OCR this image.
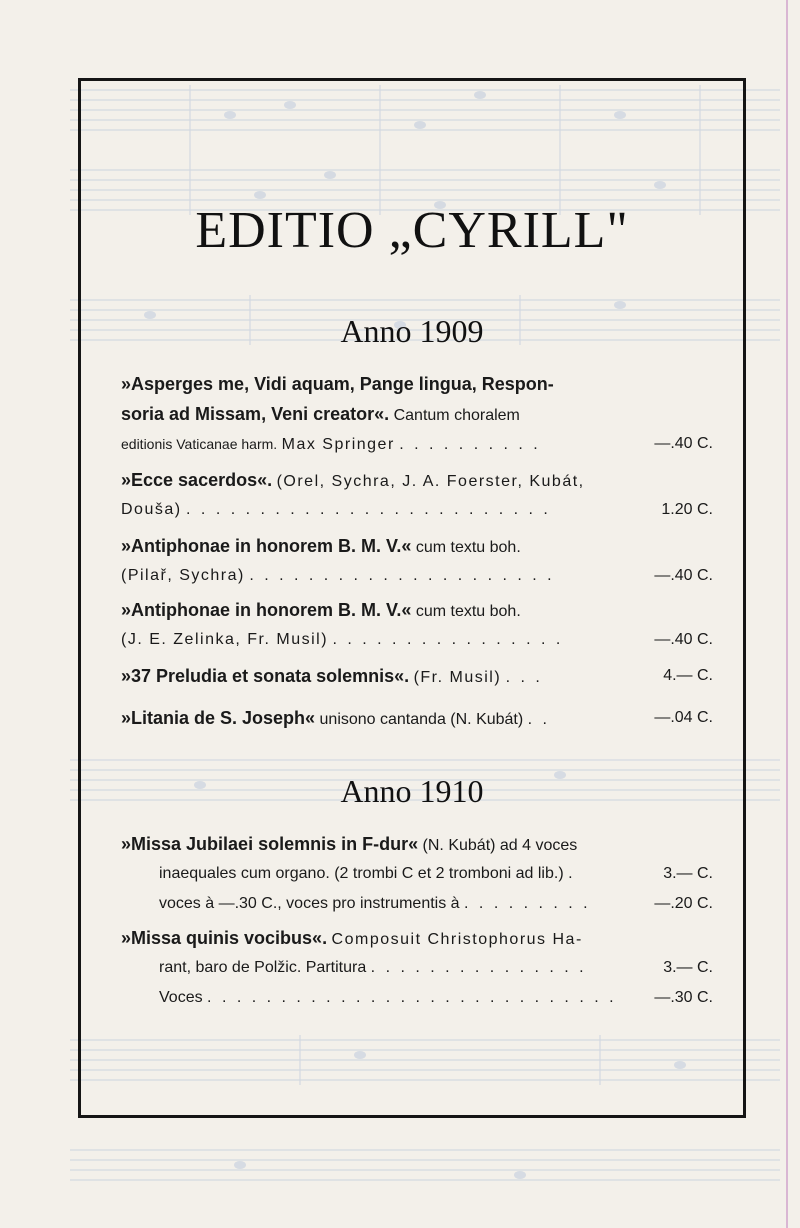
EDITIO „CYRILL"
Anno 1909
»Asperges me, Vidi aquam, Pange lingua, Respon-
soria ad Missam, Veni creator«. Cantum choralem
editionis Vaticanae harm. Max Springer . . . . . . . . . .	—.40 C.
»Ecce sacerdos«. (Orel, Sychra, J. A. Foerster, Kubát,
Douša) . . . . . . . . . . . . . . . . . . . . . . . . .	1.20 C.
»Antiphonae in honorem B. M. V.« cum textu boh.
(Pilař, Sychra) . . . . . . . . . . . . . . . . . . . . .	—.40 C.
»Antiphonae in honorem B. M. V.« cum textu boh.
(J. E. Zelinka, Fr. Musil) . . . . . . . . . . . . . . . .	—.40 C.
»37 Preludia et sonata solemnis«. (Fr. Musil) . . .	4.— C.
»Litania de S. Joseph« unisono cantanda (N. Kubát) . .	—.04 C.
Anno 1910
»Missa Jubilaei solemnis in F-dur« (N. Kubát) ad 4 voces
inaequales cum organo. (2 trombi C et 2 tromboni ad lib.) .	3.— C.
voces à —.30 C., voces pro instrumentis à . . . . . . . . .	—.20 C.
»Missa quinis vocibus«. Composuit Christophorus Ha-
rant, baro de Polžic. Partitura . . . . . . . . . . . . . . .	3.— C.
Voces . . . . . . . . . . . . . . . . . . . . . . . . . . . . —.30 C.
